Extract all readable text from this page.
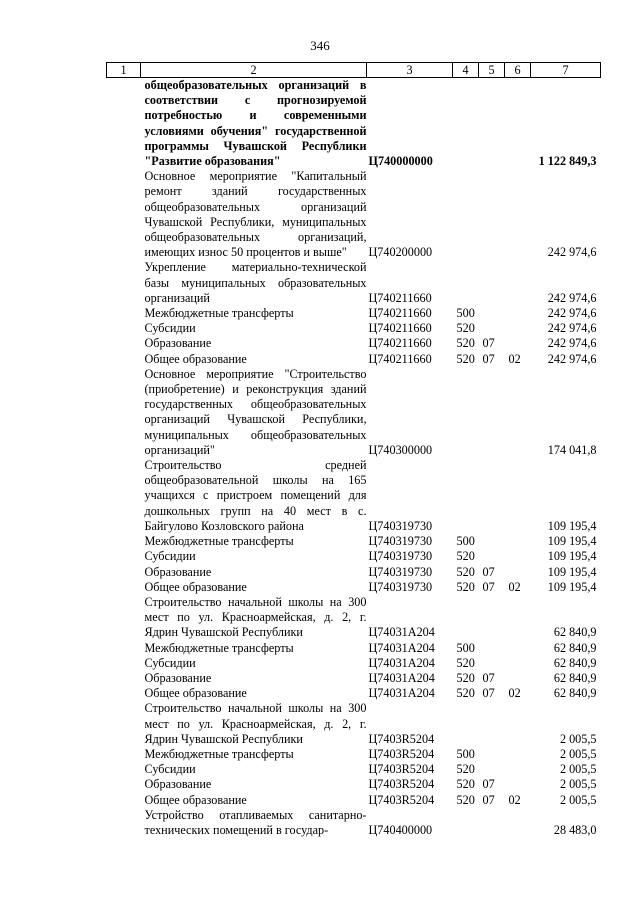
346
1	2	3	4	5	6	7

общеобразовательных организаций в соответствии с прогнозируемой потребностью и современными условиями обучения" государственной программы Чувашской Республики "Развитие образования"		Ц740000000				1 122 849,3

Основное мероприятие "Капитальный ремонт зданий государственных общеобразовательных организаций Чувашской Республики, муниципальных общеобразовательных организаций, имеющих износ 50 процентов и выше"		Ц740200000				242 974,6

Укрепление материально-технической базы муниципальных образовательных организаций		Ц740211660				242 974,6

Межбюджетные трансферты		Ц740211660	500			242 974,6

Субсидии		Ц740211660	520			242 974,6

Образование		Ц740211660	520	07		242 974,6

Общее образование		Ц740211660	520	07	02	242 974,6

Основное мероприятие "Строительство (приобретение) и реконструкция зданий государственных общеобразовательных организаций Чувашской Республики, муниципальных общеобразовательных организаций"		Ц740300000				174 041,8

Строительство средней общеобразовательной школы на 165 учащихся с пристроем помещений для дошкольных групп на 40 мест в с. Байгулово Козловского района		Ц740319730				109 195,4

Межбюджетные трансферты		Ц740319730	500			109 195,4

Субсидии		Ц740319730	520			109 195,4

Образование		Ц740319730	520	07		109 195,4

Общее образование		Ц740319730	520	07	02	109 195,4

Строительство начальной школы на 300 мест по ул. Красноармейская, д. 2, г. Ядрин Чувашской Республики		Ц74031А204				62 840,9

Межбюджетные трансферты		Ц74031А204	500			62 840,9

Субсидии		Ц74031А204	520			62 840,9

Образование		Ц74031А204	520	07		62 840,9

Общее образование		Ц74031А204	520	07	02	62 840,9

Строительство начальной школы на 300 мест по ул. Красноармейская, д. 2, г. Ядрин Чувашской Республики		Ц7403R5204				2 005,5

Межбюджетные трансферты		Ц7403R5204	500			2 005,5

Субсидии		Ц7403R5204	520			2 005,5

Образование		Ц7403R5204	520	07		2 005,5

Общее образование		Ц7403R5204	520	07	02	2 005,5

Устройство отапливаемых санитарно-технических помещений в государ-		Ц740400000				28 483,0
